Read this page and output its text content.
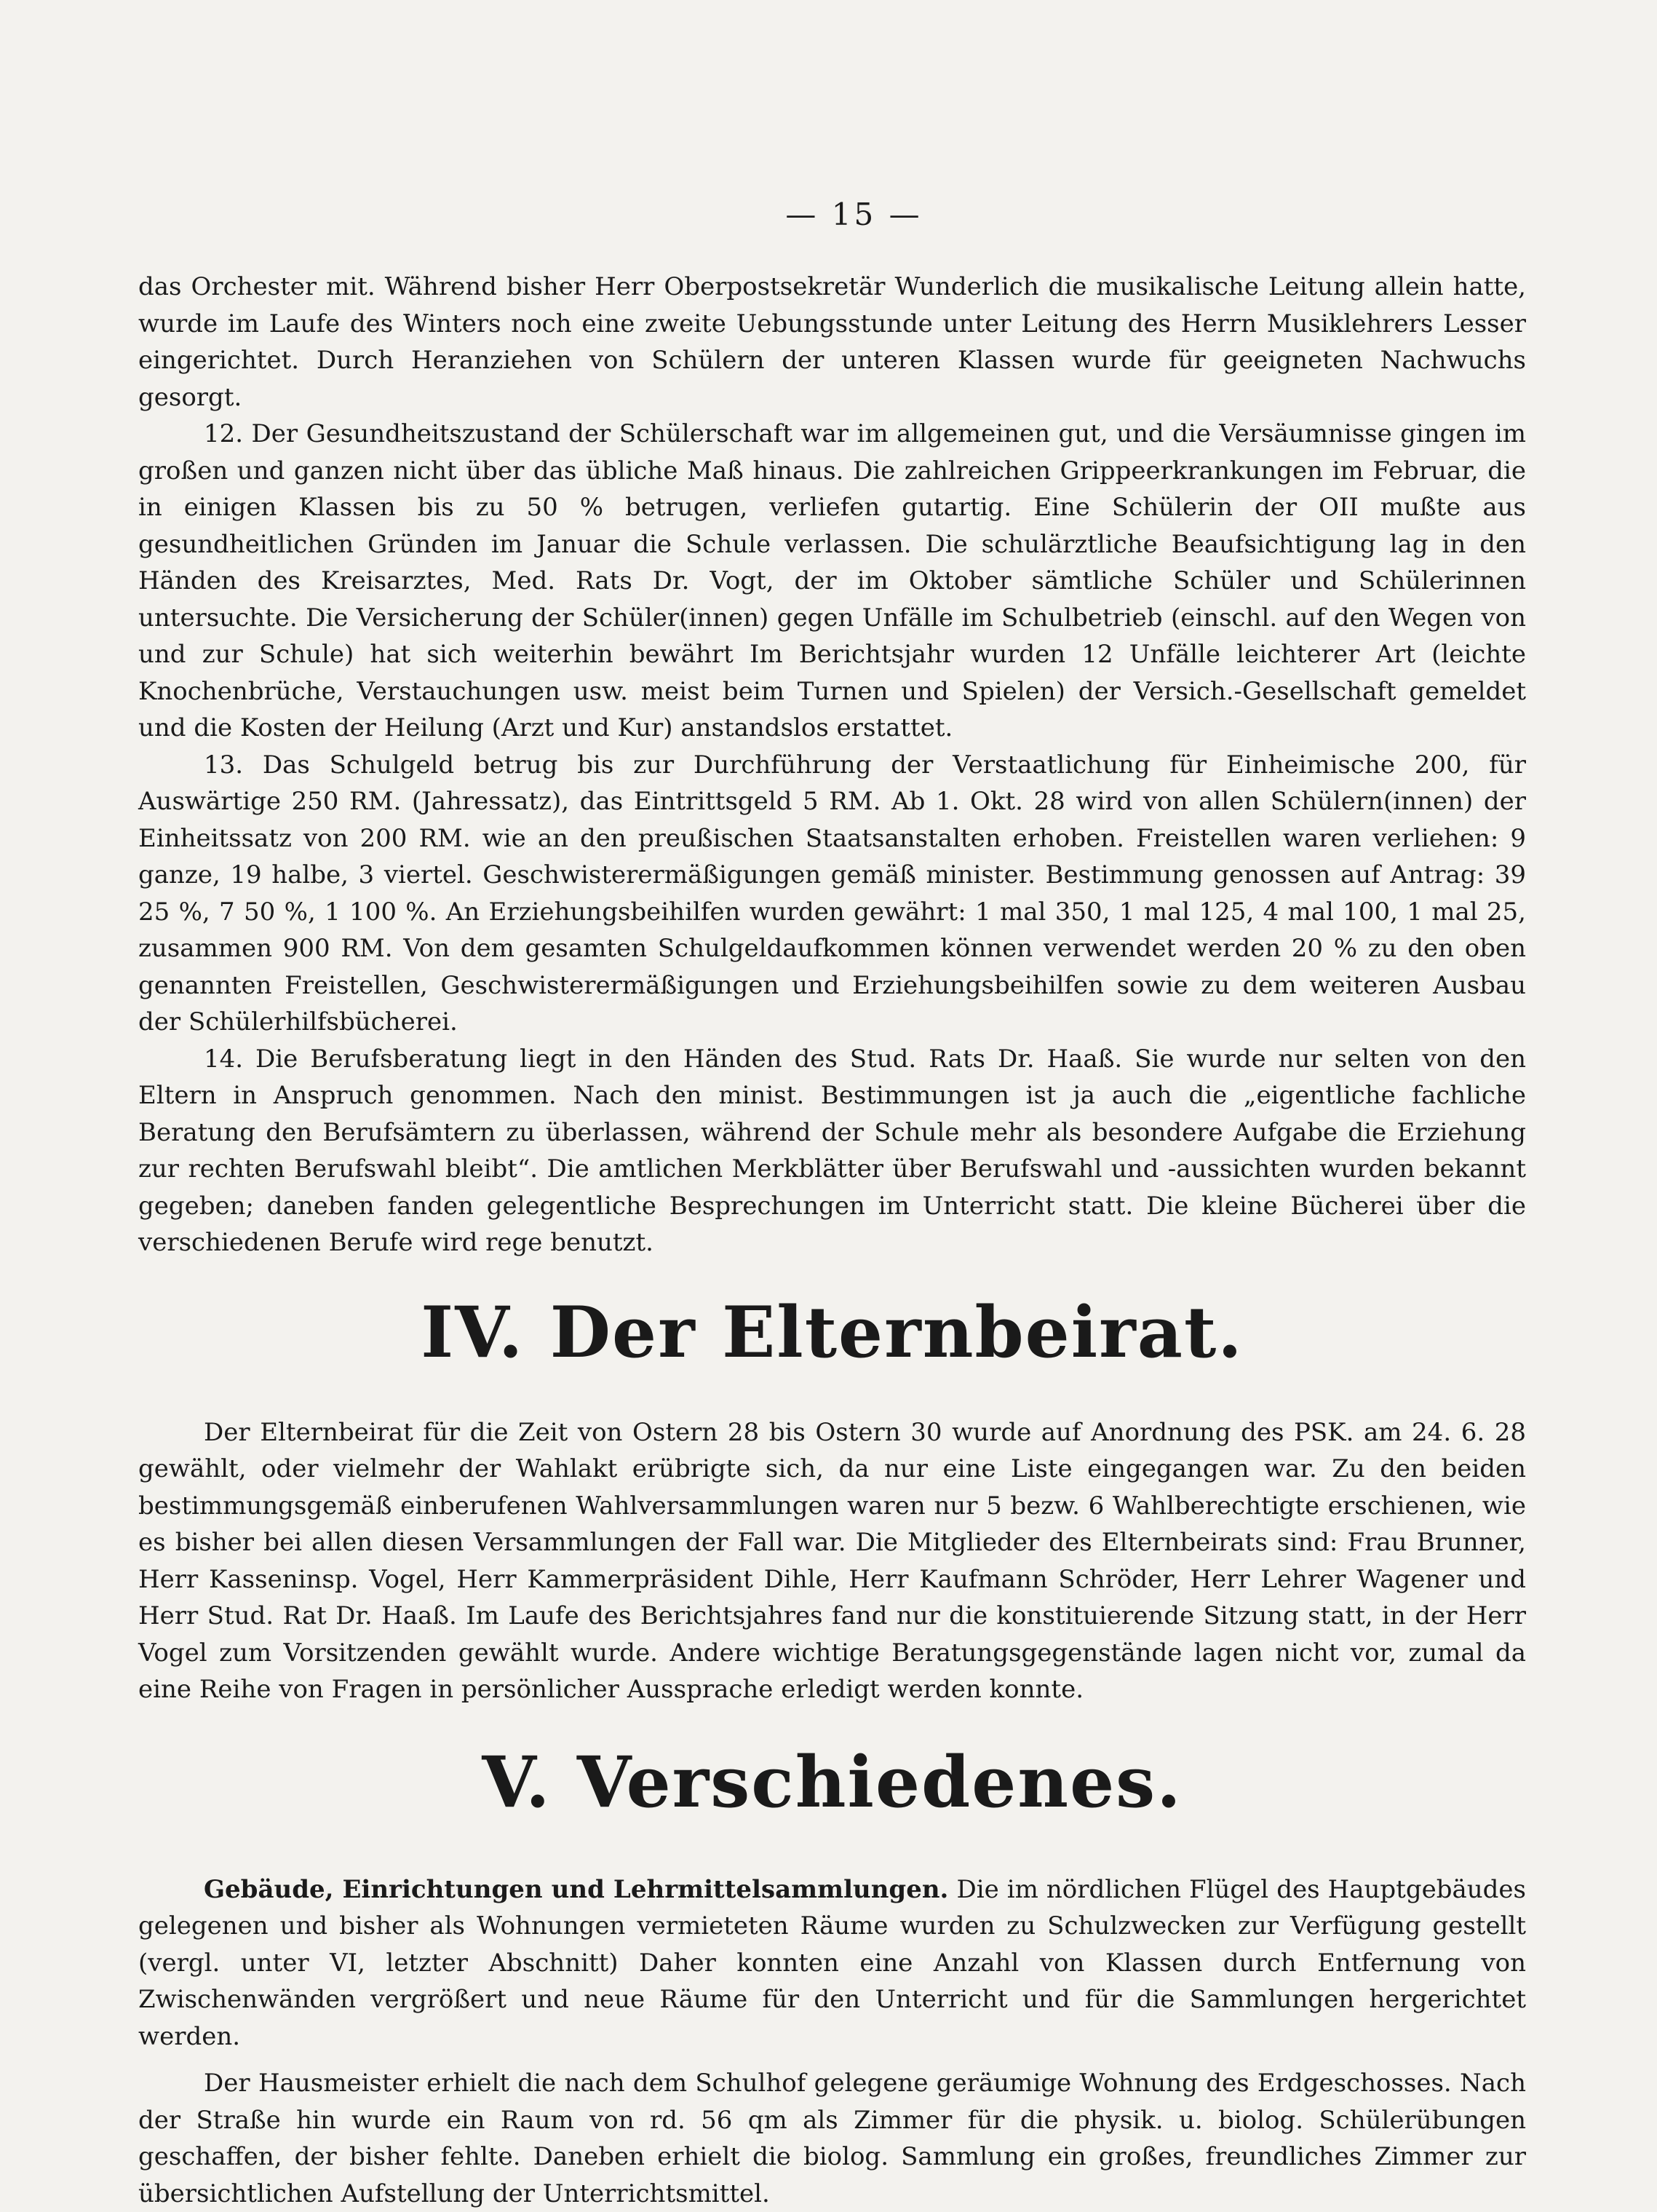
— 15 —

das Orchester mit. Während bisher Herr Oberpostsekretär Wunderlich die musikalische Leitung allein hatte, wurde im Laufe des Winters noch eine zweite Uebungsstunde unter Leitung des Herrn Musiklehrers Lesser eingerichtet. Durch Heranziehen von Schülern der unteren Klassen wurde für geeigneten Nachwuchs gesorgt.

12. Der Gesundheitszustand der Schülerschaft war im allgemeinen gut, und die Versäumnisse gingen im großen und ganzen nicht über das übliche Maß hinaus. Die zahlreichen Grippeerkrankungen im Februar, die in einigen Klassen bis zu 50 % betrugen, verliefen gutartig. Eine Schülerin der OII mußte aus gesundheitlichen Gründen im Januar die Schule verlassen. Die schulärztliche Beaufsichtigung lag in den Händen des Kreisarztes, Med. Rats Dr. Vogt, der im Oktober sämtliche Schüler und Schülerinnen untersuchte. Die Versicherung der Schüler(innen) gegen Unfälle im Schulbetrieb (einschl. auf den Wegen von und zur Schule) hat sich weiterhin bewährt Im Berichtsjahr wurden 12 Unfälle leichterer Art (leichte Knochenbrüche, Verstauchungen usw. meist beim Turnen und Spielen) der Versich.-Gesellschaft gemeldet und die Kosten der Heilung (Arzt und Kur) anstandslos erstattet.

13. Das Schulgeld betrug bis zur Durchführung der Verstaatlichung für Einheimische 200, für Auswärtige 250 RM. (Jahressatz), das Eintrittsgeld 5 RM. Ab 1. Okt. 28 wird von allen Schülern(innen) der Einheitssatz von 200 RM. wie an den preußischen Staatsanstalten erhoben. Freistellen waren verliehen: 9 ganze, 19 halbe, 3 viertel. Geschwisterermäßigungen gemäß minister. Bestimmung genossen auf Antrag: 39 25 %, 7 50 %, 1 100 %. An Erziehungsbeihilfen wurden gewährt: 1 mal 350, 1 mal 125, 4 mal 100, 1 mal 25, zusammen 900 RM. Von dem gesamten Schulgeldaufkommen können verwendet werden 20 % zu den oben genannten Freistellen, Geschwisterermäßigungen und Erziehungsbeihilfen sowie zu dem weiteren Ausbau der Schülerhilfsbücherei.

14. Die Berufsberatung liegt in den Händen des Stud. Rats Dr. Haaß. Sie wurde nur selten von den Eltern in Anspruch genommen. Nach den minist. Bestimmungen ist ja auch die „eigentliche fachliche Beratung den Berufsämtern zu überlassen, während der Schule mehr als besondere Aufgabe die Erziehung zur rechten Berufswahl bleibt“. Die amtlichen Merkblätter über Berufswahl und -aussichten wurden bekannt gegeben; daneben fanden gelegentliche Besprechungen im Unterricht statt. Die kleine Bücherei über die verschiedenen Berufe wird rege benutzt.

IV. Der Elternbeirat.

Der Elternbeirat für die Zeit von Ostern 28 bis Ostern 30 wurde auf Anordnung des PSK. am 24. 6. 28 gewählt, oder vielmehr der Wahlakt erübrigte sich, da nur eine Liste eingegangen war. Zu den beiden bestimmungsgemäß einberufenen Wahlversammlungen waren nur 5 bezw. 6 Wahlberechtigte erschienen, wie es bisher bei allen diesen Versammlungen der Fall war. Die Mitglieder des Elternbeirats sind: Frau Brunner, Herr Kasseninsp. Vogel, Herr Kammerpräsident Dihle, Herr Kaufmann Schröder, Herr Lehrer Wagener und Herr Stud. Rat Dr. Haaß. Im Laufe des Berichtsjahres fand nur die konstituierende Sitzung statt, in der Herr Vogel zum Vorsitzenden gewählt wurde. Andere wichtige Beratungsgegenstände lagen nicht vor, zumal da eine Reihe von Fragen in persönlicher Aussprache erledigt werden konnte.

V. Verschiedenes.

Gebäude, Einrichtungen und Lehrmittelsammlungen. Die im nördlichen Flügel des Hauptgebäudes gelegenen und bisher als Wohnungen vermieteten Räume wurden zu Schulzwecken zur Verfügung gestellt (vergl. unter VI, letzter Abschnitt) Daher konnten eine Anzahl von Klassen durch Entfernung von Zwischenwänden vergrößert und neue Räume für den Unterricht und für die Sammlungen hergerichtet werden.

Der Hausmeister erhielt die nach dem Schulhof gelegene geräumige Wohnung des Erdgeschosses. Nach der Straße hin wurde ein Raum von rd. 56 qm als Zimmer für die physik. u. biolog. Schülerübungen geschaffen, der bisher fehlte. Daneben erhielt die biolog. Sammlung ein großes, freundliches Zimmer zur übersichtlichen Aufstellung der Unterrichtsmittel.
